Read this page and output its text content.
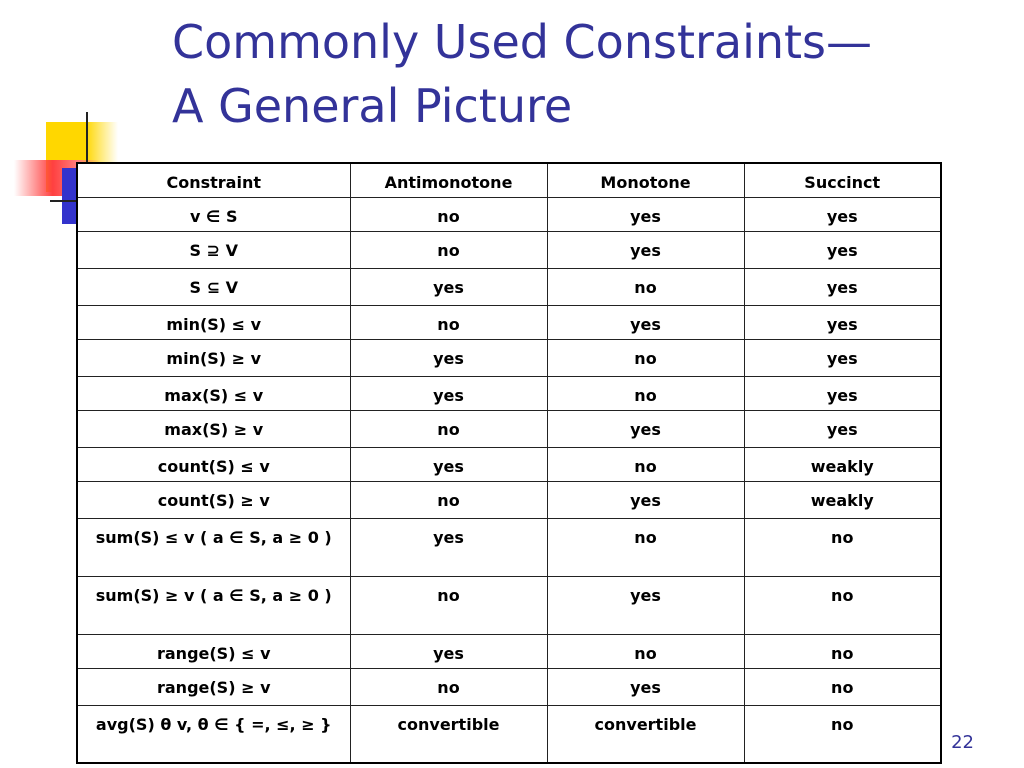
Commonly Used Constraints—
A General Picture
Constraint	Antimonotone	Monotone	Succinct
v ∈ S	no	yes	yes
S ⊇ V	no	yes	yes
S ⊆ V	yes	no	yes
min(S) ≤ v	no	yes	yes
min(S) ≥ v	yes	no	yes
max(S) ≤ v	yes	no	yes
max(S) ≥ v	no	yes	yes
count(S) ≤ v	yes	no	weakly
count(S) ≥ v	no	yes	weakly
sum(S) ≤ v ( a ∈ S, a ≥ 0 )	yes	no	no
sum(S) ≥ v ( a ∈ S, a ≥ 0 )	no	yes	no
range(S) ≤ v	yes	no	no
range(S) ≥ v	no	yes	no
avg(S) θ v, θ ∈ { =, ≤, ≥ }	convertible	convertible	no
22
